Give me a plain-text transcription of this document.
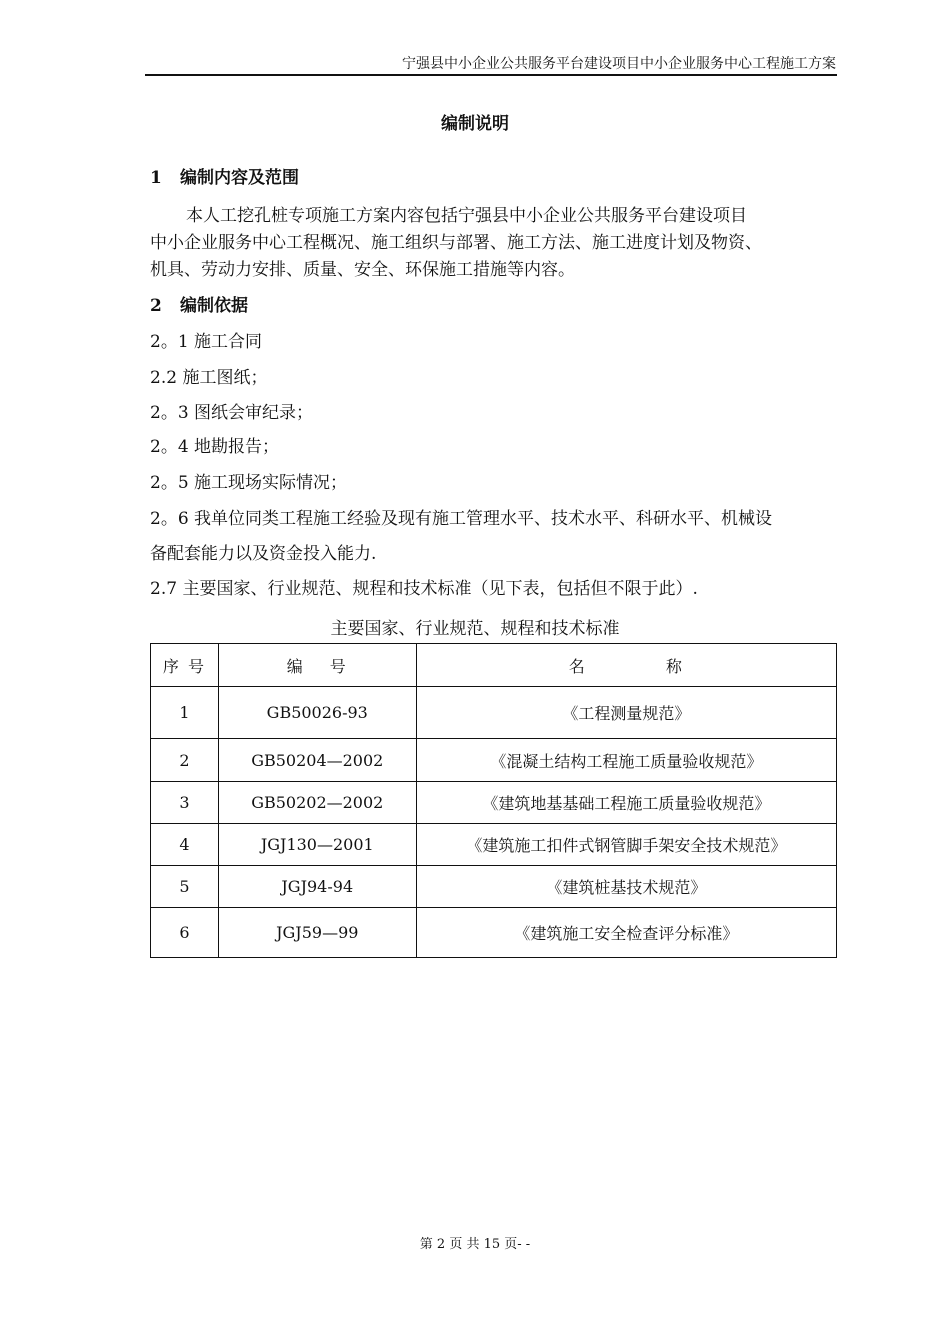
宁强县中小企业公共服务平台建设项目中小企业服务中心工程施工方案
编制说明
1 编制内容及范围
本人工挖孔桩专项施工方案内容包括宁强县中小企业公共服务平台建设项目
中小企业服务中心工程概况、施工组织与部署、施工方法、施工进度计划及物资、
机具、劳动力安排、质量、安全、环保施工措施等内容。
2 编制依据
2。1 施工合同
2.2 施工图纸；
2。3 图纸会审纪录；
2。4 地勘报告；
2。5 施工现场实际情况；
2。6 我单位同类工程施工经验及现有施工管理水平、技术水平、科研水平、机械设
备配套能力以及资金投入能力.
2.7 主要国家、行业规范、规程和技术标准（见下表，包括但不限于此）.
主要国家、行业规范、规程和技术标准
序 号	编　 号	名　　　　 称
1	GB50026-93	《工程测量规范》
2	GB50204—2002	《混凝土结构工程施工质量验收规范》
3	GB50202—2002	《建筑地基基础工程施工质量验收规范》
4	JGJ130—2001	《建筑施工扣件式钢管脚手架安全技术规范》
5	JGJ94-94	《建筑桩基技术规范》
6	JGJ59—99	《建筑施工安全检查评分标准》
第 2 页 共 15 页- -
